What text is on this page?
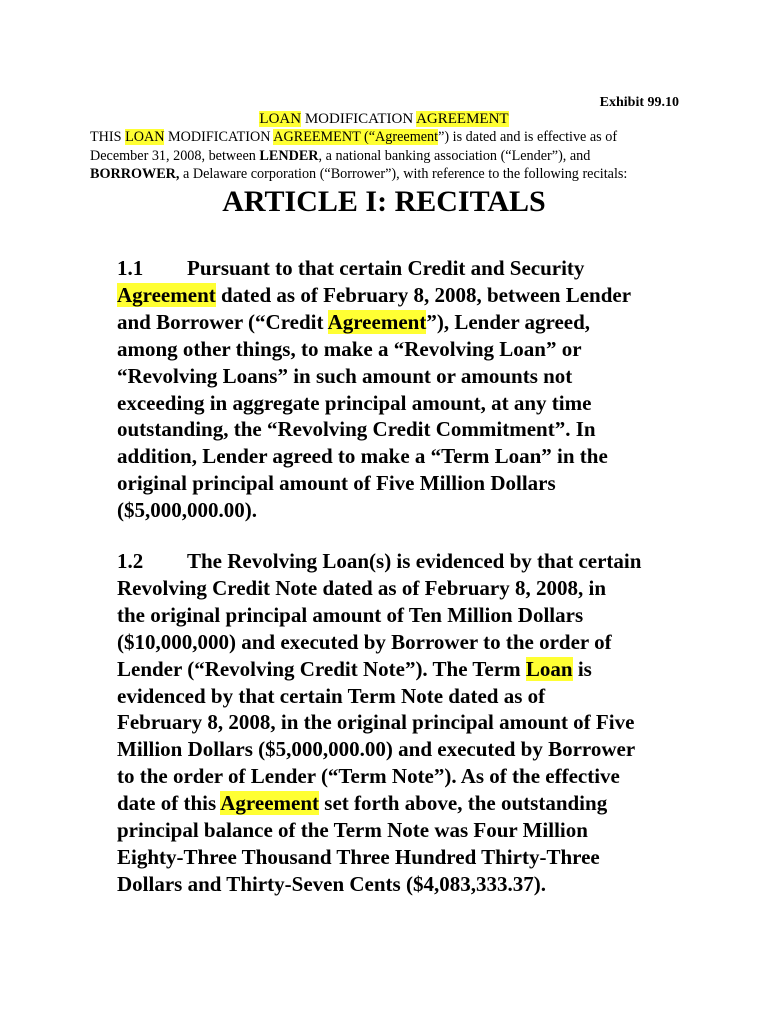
Exhibit 99.10
LOAN MODIFICATION AGREEMENT

THIS LOAN MODIFICATION AGREEMENT (“Agreement”) is dated and is effective as of

December 31, 2008, between LENDER, a national banking association (“Lender”), and

BORROWER, a Delaware corporation (“Borrower”), with reference to the following recitals:

ARTICLE I: RECITALS
1.1 Pursuant to that certain Credit and Security
Agreement dated as of February 8, 2008, between Lender
and Borrower (“Credit Agreement”), Lender agreed,
among other things, to make a “Revolving Loan” or
“Revolving Loans” in such amount or amounts not
exceeding in aggregate principal amount, at any time
outstanding, the “Revolving Credit Commitment”. In
addition, Lender agreed to make a “Term Loan” in the
original principal amount of Five Million Dollars
($5,000,000.00).
1.2 The Revolving Loan(s) is evidenced by that certain
Revolving Credit Note dated as of February 8, 2008, in
the original principal amount of Ten Million Dollars
($10,000,000) and executed by Borrower to the order of
Lender (“Revolving Credit Note”). The Term Loan is
evidenced by that certain Term Note dated as of
February 8, 2008, in the original principal amount of Five
Million Dollars ($5,000,000.00) and executed by Borrower
to the order of Lender (“Term Note”). As of the effective
date of this Agreement set forth above, the outstanding
principal balance of the Term Note was Four Million
Eighty-Three Thousand Three Hundred Thirty-Three
Dollars and Thirty-Seven Cents ($4,083,333.37).
